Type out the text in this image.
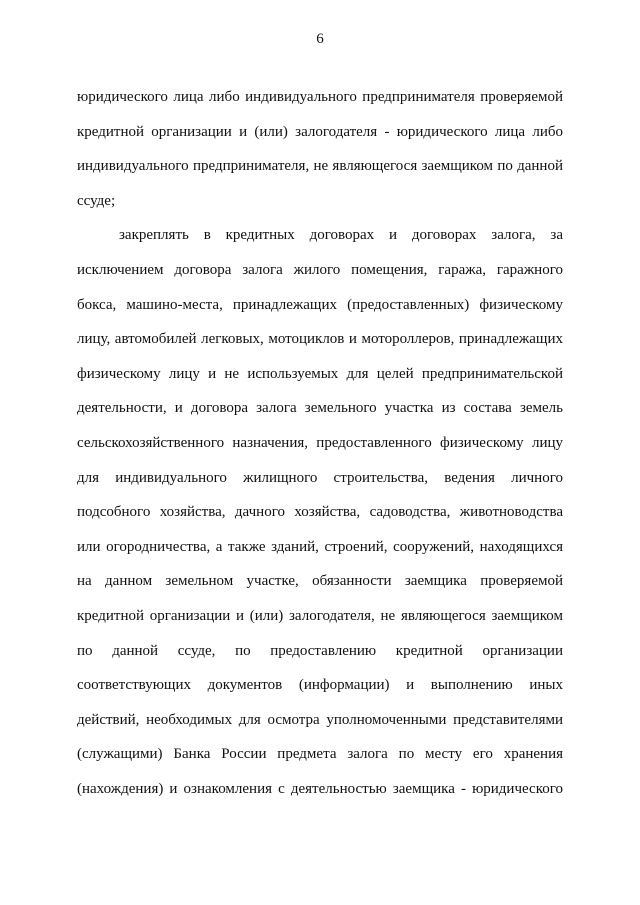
6
юридического лица либо индивидуального предпринимателя проверяемой
кредитной организации и (или) залогодателя - юридического лица либо
индивидуального предпринимателя, не являющегося заемщиком по данной
ссуде;
закреплять в кредитных договорах и договорах залога, за
исключением договора залога жилого помещения, гаража, гаражного
бокса, машино-места, принадлежащих (предоставленных) физическому
лицу, автомобилей легковых, мотоциклов и мотороллеров, принадлежащих
физическому лицу и не используемых для целей предпринимательской
деятельности, и договора залога земельного участка из состава земель
сельскохозяйственного назначения, предоставленного физическому лицу
для индивидуального жилищного строительства, ведения личного
подсобного хозяйства, дачного хозяйства, садоводства, животноводства
или огородничества, а также зданий, строений, сооружений, находящихся
на данном земельном участке, обязанности заемщика проверяемой
кредитной организации и (или) залогодателя, не являющегося заемщиком
по данной ссуде, по предоставлению кредитной организации
соответствующих документов (информации) и выполнению иных
действий, необходимых для осмотра уполномоченными представителями
(служащими) Банка России предмета залога по месту его хранения
(нахождения) и ознакомления с деятельностью заемщика - юридического
